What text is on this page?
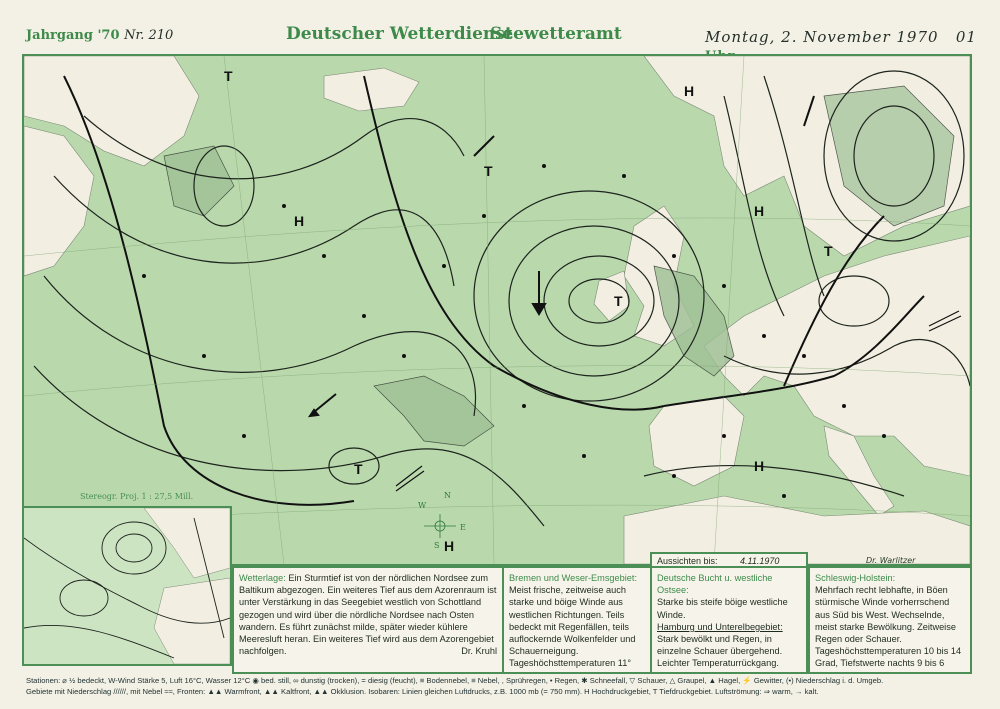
Jahrgang '70 Nr. 210	Deutscher Wetterdienst
Seewetteramt	Montag, 2. November 1970 01
N
E
W
S
H
H
H
H
H
T
T
T
T
T
Dr. Warlitzer
Stereogr. Proj. 1 : 27,5 Mill.
Wetterlage: Ein Sturmtief ist von der nördlichen Nordsee zum Baltikum abgezogen. Ein weiteres Tief aus dem Azorenraum ist unter Verstärkung in das Seegebiet westlich von Schottland gezogen und wird über die nördliche Nordsee nach Osten wandern. Es führt zunächst milde, später wieder kühlere Meeresluft heran. Ein weiteres Tief wird aus dem Azorengebiet nachfolgen.	Dr. Kruhl
Bremen und Weser-Emsgebiet:
Meist frische, zeitweise auch starke und böige Winde aus westlichen Richtungen. Teils bedeckt mit Regenfällen, teils auflockernde Wolkenfelder und Schauerneigung. Tageshöchsttemperaturen 11°
Aussichten bis:	4.11.1970
Deutsche Bucht u. westliche Ostsee:
Starke bis steife böige westliche Winde.
Hamburg und Unterelbegebiet:
Stark bewölkt und Regen, in einzelne Schauer übergehend. Leichter Temperaturrückgang.
Schleswig-Holstein:
Mehrfach recht lebhafte, in Böen stürmische Winde vorherrschend aus Süd bis West. Wechselnde, meist starke Bewölkung. Zeitweise Regen oder Schauer. Tageshöchsttemperaturen 10 bis 14 Grad, Tiefstwerte nachts 9 bis 6
Stationen: ⌀ ½ bedeckt, W-Wind Stärke 5, Luft 16°C, Wasser 12°C ◉ bed. still, ∞ dunstig (trocken), = diesig (feucht), ≡ Bodennebel, ≡ Nebel, , Sprühregen, • Regen, ✱ Schneefall, ▽ Schauer, △ Graupel, ▲ Hagel, ⚡ Gewitter, (•) Niederschlag i. d. Umgeb.
Gebiete mit Niederschlag //////, mit Nebel ≈≈, Fronten: ▲▲ Warmfront, ▲▲ Kaltfront, ▲▲ Okklusion. Isobaren: Linien gleichen Luftdrucks, z.B. 1000 mb (= 750 mm). H Hochdruckgebiet, T Tiefdruckgebiet. Luftströmung: ⇒ warm, → kalt.
